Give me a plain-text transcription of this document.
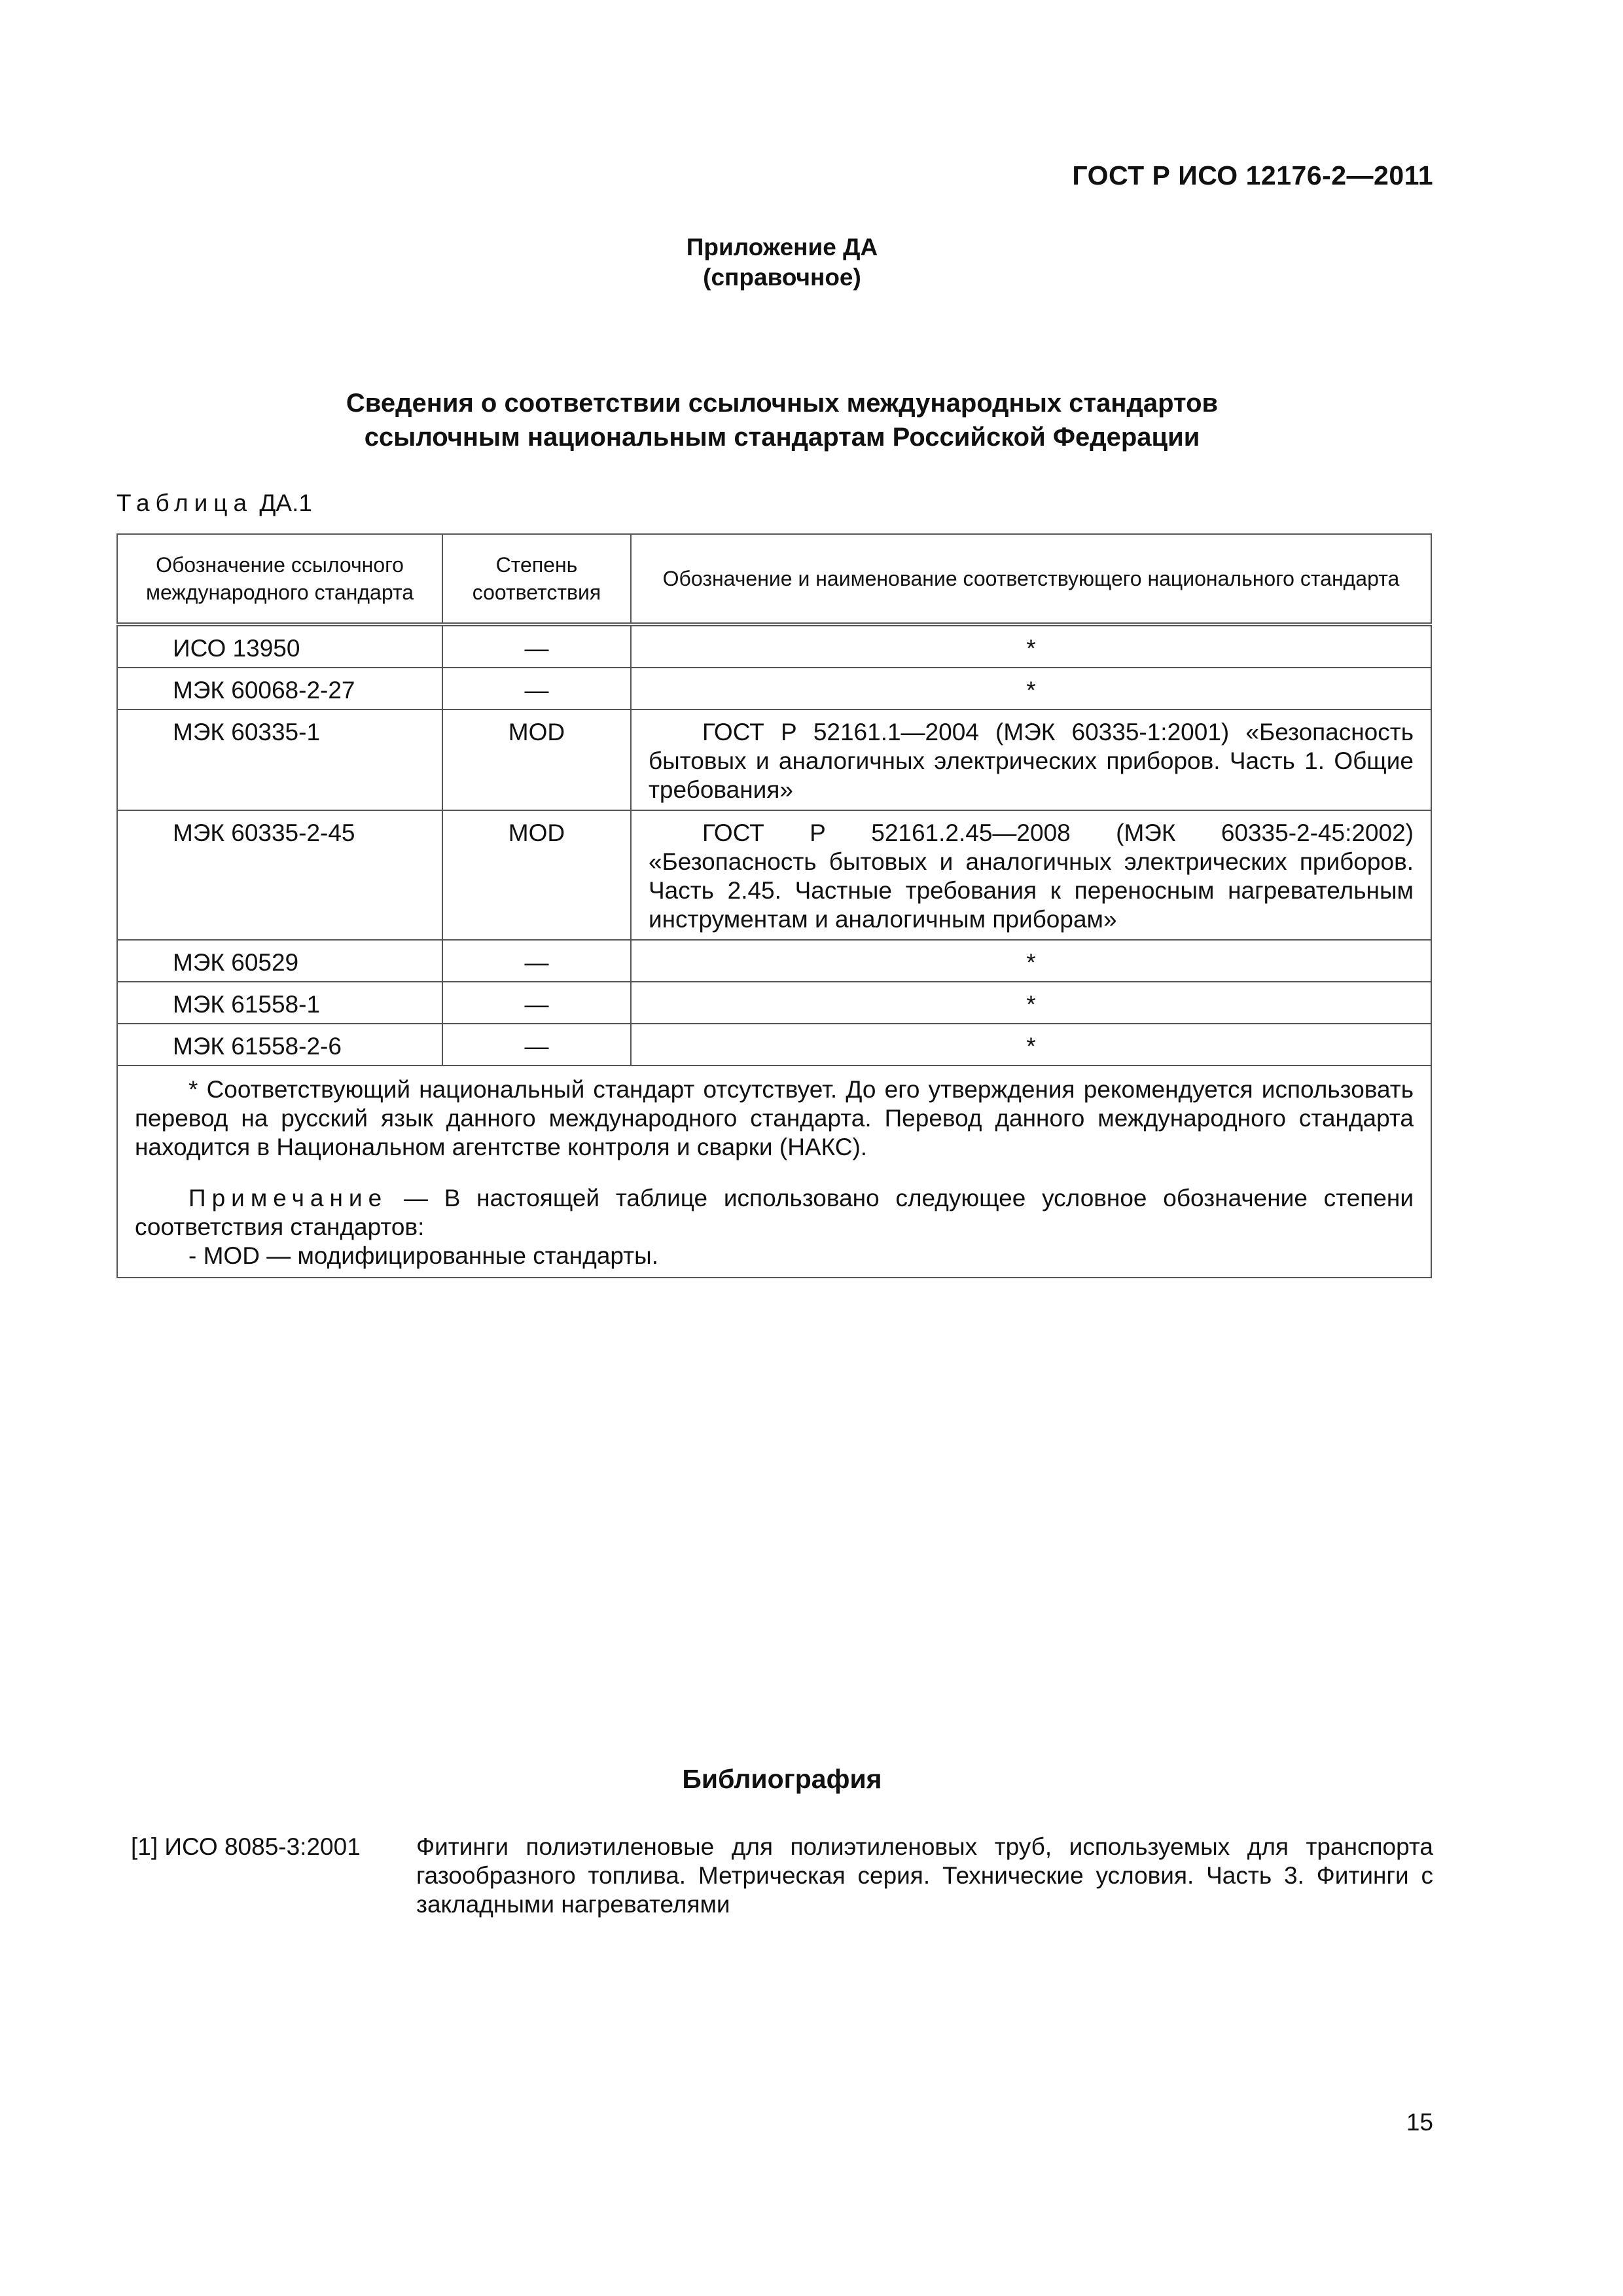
ГОСТ Р ИСО 12176-2—2011
Приложение ДА
(справочное)
Сведения о соответствии ссылочных международных стандартов
ссылочным национальным стандартам Российской Федерации
Таблица ДА.1
Обозначение ссылочного международного стандарта	Степень соответствия	Обозначение и наименование соответствующего национального стандарта
ИСО 13950	—	*
МЭК 60068-2-27	—	*
МЭК 60335-1	MOD	ГОСТ Р 52161.1—2004 (МЭК 60335-1:2001) «Безопасность бытовых и аналогичных электрических приборов. Часть 1. Общие требования»
МЭК 60335-2-45	MOD	ГОСТ Р 52161.2.45—2008 (МЭК 60335-2-45:2002) «Безопасность бытовых и аналогичных электрических приборов. Часть 2.45. Частные требования к переносным нагревательным инструментам и аналогичным приборам»
МЭК 60529	—	*
МЭК 61558-1	—	*
МЭК 61558-2-6	—	*

* Соответствующий национальный стандарт отсутствует. До его утверждения рекомендуется использовать перевод на русский язык данного международного стандарта. Перевод данного международного стандарта находится в Национальном агентстве контроля и сварки (НАКС).

Примечание — В настоящей таблице использовано следующее условное обозначение степени соответствия стандартов:

- MOD — модифицированные стандарты.		

Библиография
[1] ИСО 8085-3:2001	Фитинги полиэтиленовые для полиэтиленовых труб, используемых для транспорта газообразного топлива. Метрическая серия. Технические условия. Часть 3. Фитинги с закладными нагревателями
15
